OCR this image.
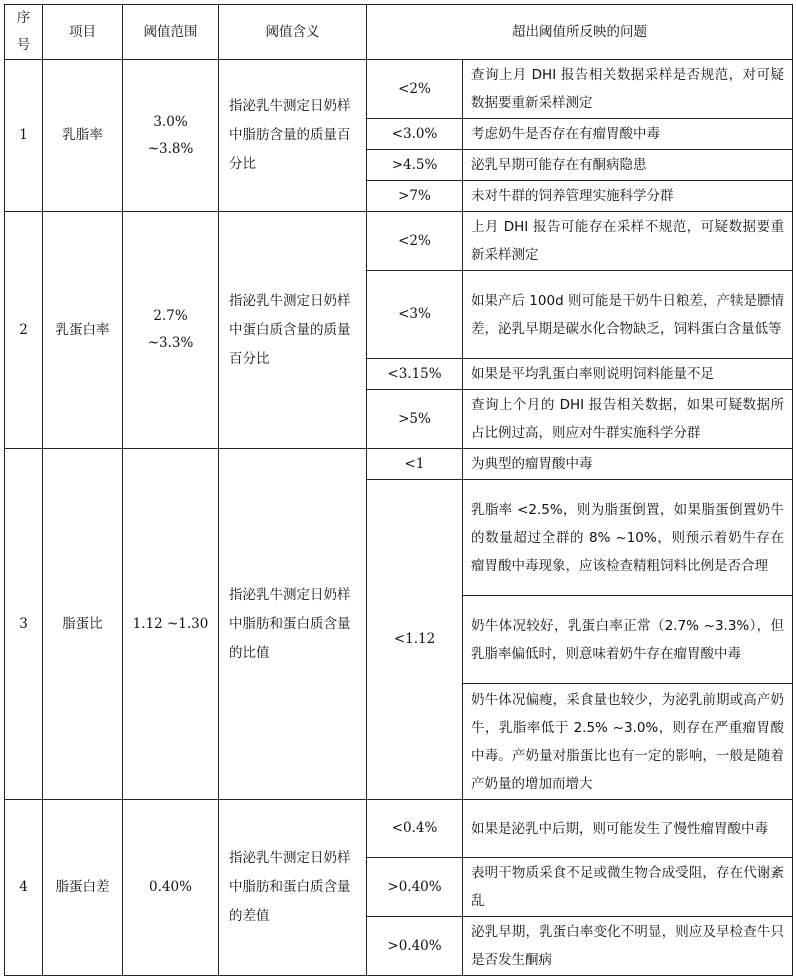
序号	项目	阈值范围	阈值含义	超出阈值所反映的问题	
1	乳脂率	3.0% ~3.8%	指泌乳牛测定日奶样中脂肪含量的质量百分比	<2%	查询上月 DHI 报告相关数据采样是否规范，对可疑数据要重新采样测定
				<3.0%	考虑奶牛是否存在有瘤胃酸中毒
				>4.5%	泌乳早期可能存在有酮病隐患
				>7%	未对牛群的饲养管理实施科学分群
2	乳蛋白率	2.7% ~3.3%	指泌乳牛测定日奶样中蛋白质含量的质量百分比	<2%	上月 DHI 报告可能存在采样不规范，可疑数据要重新采样测定
				<3%	如果产后 100d 则可能是干奶牛日粮差，产犊是膘情差，泌乳早期是碳水化合物缺乏，饲料蛋白含量低等
				<3.15%	如果是平均乳蛋白率则说明饲料能量不足
				>5%	查询上个月的 DHI 报告相关数据，如果可疑数据所占比例过高，则应对牛群实施科学分群
3	脂蛋比	1.12 ~1.30	指泌乳牛测定日奶样中脂肪和蛋白质含量的比值	<1	为典型的瘤胃酸中毒
				<1.12	乳脂率 <2.5%，则为脂蛋倒置，如果脂蛋倒置奶牛的数量超过全群的 8% ~10%，则预示着奶牛存在瘤胃酸中毒现象，应该检查精粗饲料比例是否合理
					奶牛体况较好，乳蛋白率正常（2.7% ~3.3%），但乳脂率偏低时，则意味着奶牛存在瘤胃酸中毒
					奶牛体况偏瘦，采食量也较少，为泌乳前期或高产奶牛，乳脂率低于 2.5% ~3.0%，则存在严重瘤胃酸中毒。产奶量对脂蛋比也有一定的影响，一般是随着产奶量的增加而增大
4	脂蛋白差	0.40%	指泌乳牛测定日奶样中脂肪和蛋白质含量的差值	<0.4%	如果是泌乳中后期，则可能发生了慢性瘤胃酸中毒
				>0.40%	表明干物质采食不足或微生物合成受阻，存在代谢紊乱
				>0.40%	泌乳早期，乳蛋白率变化不明显，则应及早检查牛只是否发生酮病
